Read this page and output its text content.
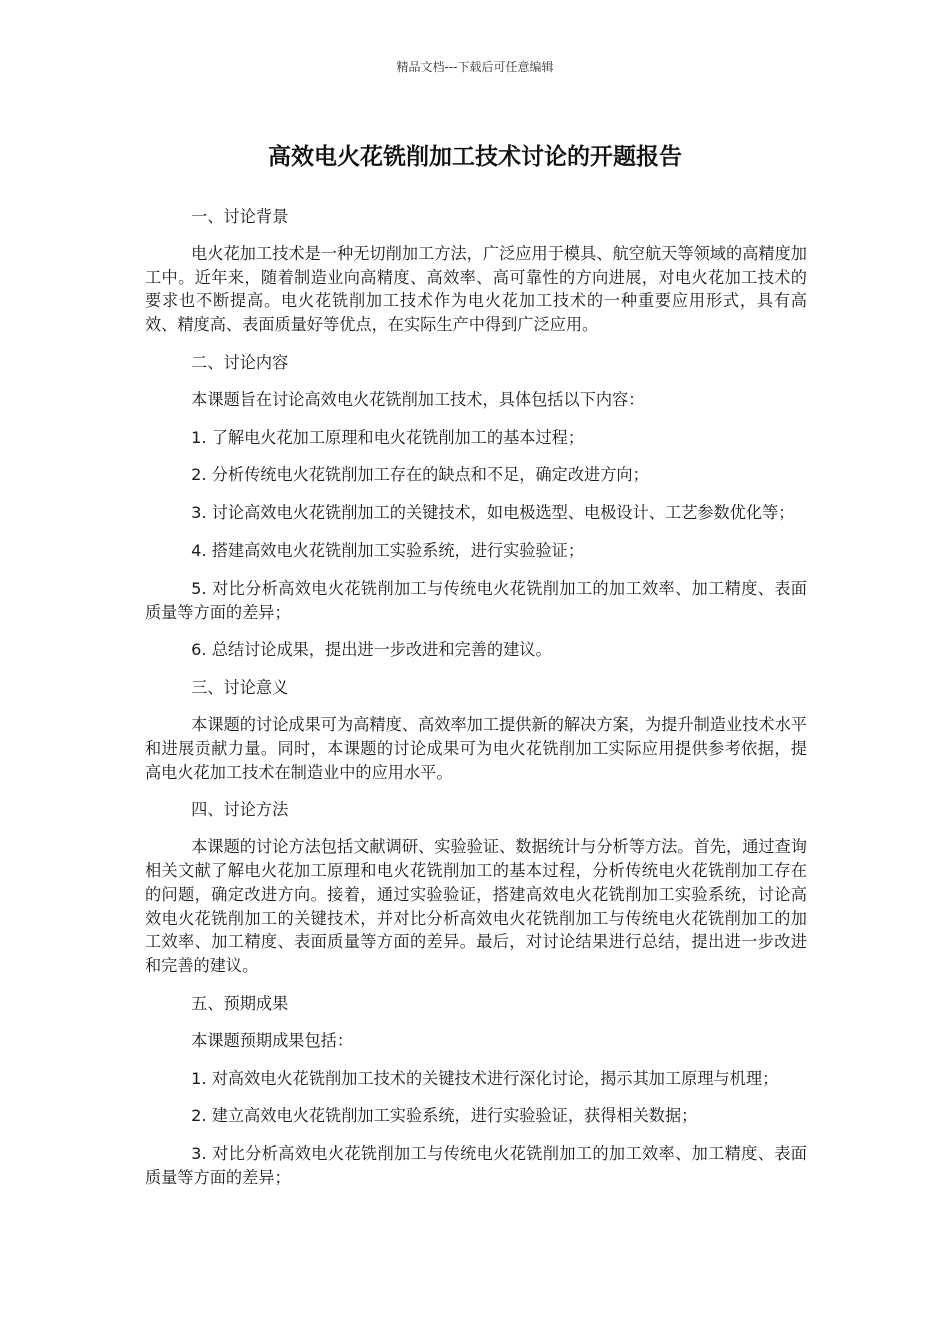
精品文档---下载后可任意编辑
高效电火花铣削加工技术讨论的开题报告

一、讨论背景

电火花加工技术是一种无切削加工方法，广泛应用于模具、航空航天等领域的高精度加工中。近年来，随着制造业向高精度、高效率、高可靠性的方向进展，对电火花加工技术的要求也不断提高。电火花铣削加工技术作为电火花加工技术的一种重要应用形式，具有高效、精度高、表面质量好等优点，在实际生产中得到广泛应用。

二、讨论内容

本课题旨在讨论高效电火花铣削加工技术，具体包括以下内容：

1. 了解电火花加工原理和电火花铣削加工的基本过程；

2. 分析传统电火花铣削加工存在的缺点和不足，确定改进方向；

3. 讨论高效电火花铣削加工的关键技术，如电极选型、电极设计、工艺参数优化等；

4. 搭建高效电火花铣削加工实验系统，进行实验验证；

5. 对比分析高效电火花铣削加工与传统电火花铣削加工的加工效率、加工精度、表面质量等方面的差异；

6. 总结讨论成果，提出进一步改进和完善的建议。

三、讨论意义

本课题的讨论成果可为高精度、高效率加工提供新的解决方案，为提升制造业技术水平和进展贡献力量。同时，本课题的讨论成果可为电火花铣削加工实际应用提供参考依据，提高电火花加工技术在制造业中的应用水平。

四、讨论方法

本课题的讨论方法包括文献调研、实验验证、数据统计与分析等方法。首先，通过查询相关文献了解电火花加工原理和电火花铣削加工的基本过程，分析传统电火花铣削加工存在的问题，确定改进方向。接着，通过实验验证，搭建高效电火花铣削加工实验系统，讨论高效电火花铣削加工的关键技术，并对比分析高效电火花铣削加工与传统电火花铣削加工的加工效率、加工精度、表面质量等方面的差异。最后，对讨论结果进行总结，提出进一步改进和完善的建议。

五、预期成果

本课题预期成果包括：

1. 对高效电火花铣削加工技术的关键技术进行深化讨论，揭示其加工原理与机理；

2. 建立高效电火花铣削加工实验系统，进行实验验证，获得相关数据；

3. 对比分析高效电火花铣削加工与传统电火花铣削加工的加工效率、加工精度、表面质量等方面的差异；
